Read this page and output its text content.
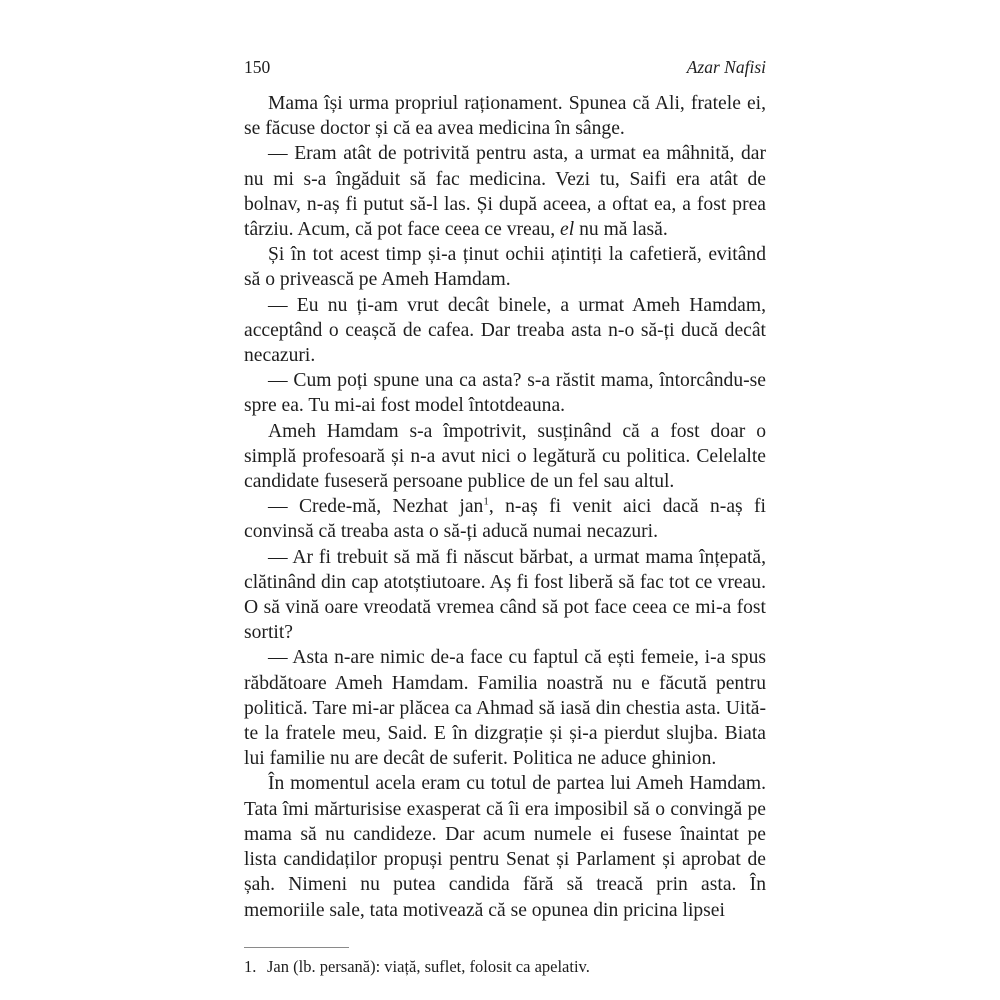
150	Azar Nafisi

Mama își urma propriul raționament. Spunea că Ali, fratele ei, se făcuse doctor și că ea avea medicina în sânge.

— Eram atât de potrivită pentru asta, a urmat ea mâhnită, dar nu mi s-a îngăduit să fac medicina. Vezi tu, Saifi era atât de bolnav, n-aș fi putut să-l las. Și după aceea, a oftat ea, a fost prea târziu. Acum, că pot face ceea ce vreau, el nu mă lasă.

Și în tot acest timp și-a ținut ochii ațintiți la cafetieră, evitând să o privească pe Ameh Hamdam.

— Eu nu ți-am vrut decât binele, a urmat Ameh Hamdam, acceptând o ceașcă de cafea. Dar treaba asta n-o să-ți ducă decât necazuri.

— Cum poți spune una ca asta? s-a răstit mama, întorcându-se spre ea. Tu mi-ai fost model întotdeauna.

Ameh Hamdam s-a împotrivit, susținând că a fost doar o simplă profesoară și n-a avut nici o legătură cu politica. Celelalte candidate fuseseră persoane publice de un fel sau altul.

— Crede-mă, Nezhat jan$^1$, n-aș fi venit aici dacă n-aș fi convinsă că treaba asta o să-ți aducă numai necazuri.

— Ar fi trebuit să mă fi născut bărbat, a urmat mama înțepată, clătinând din cap atotștiutoare. Aș fi fost liberă să fac tot ce vreau. O să vină oare vreodată vremea când să pot face ceea ce mi-a fost sortit?

— Asta n-are nimic de-a face cu faptul că ești femeie, i-a spus răbdătoare Ameh Hamdam. Familia noastră nu e făcută pentru politică. Tare mi-ar plăcea ca Ahmad să iasă din chestia asta. Uită-te la fratele meu, Said. E în dizgrație și și-a pierdut slujba. Biata lui familie nu are decât de suferit. Politica ne aduce ghinion.

În momentul acela eram cu totul de partea lui Ameh Hamdam. Tata îmi mărturisise exasperat că îi era imposibil să o convingă pe mama să nu candideze. Dar acum numele ei fusese înaintat pe lista candidaților propuși pentru Senat și Parlament și aprobat de șah. Nimeni nu putea candida fără să treacă prin asta. În memoriile sale, tata motivează că se opunea din pricina lipsei

1. Jan (lb. persană): viață, suflet, folosit ca apelativ.
